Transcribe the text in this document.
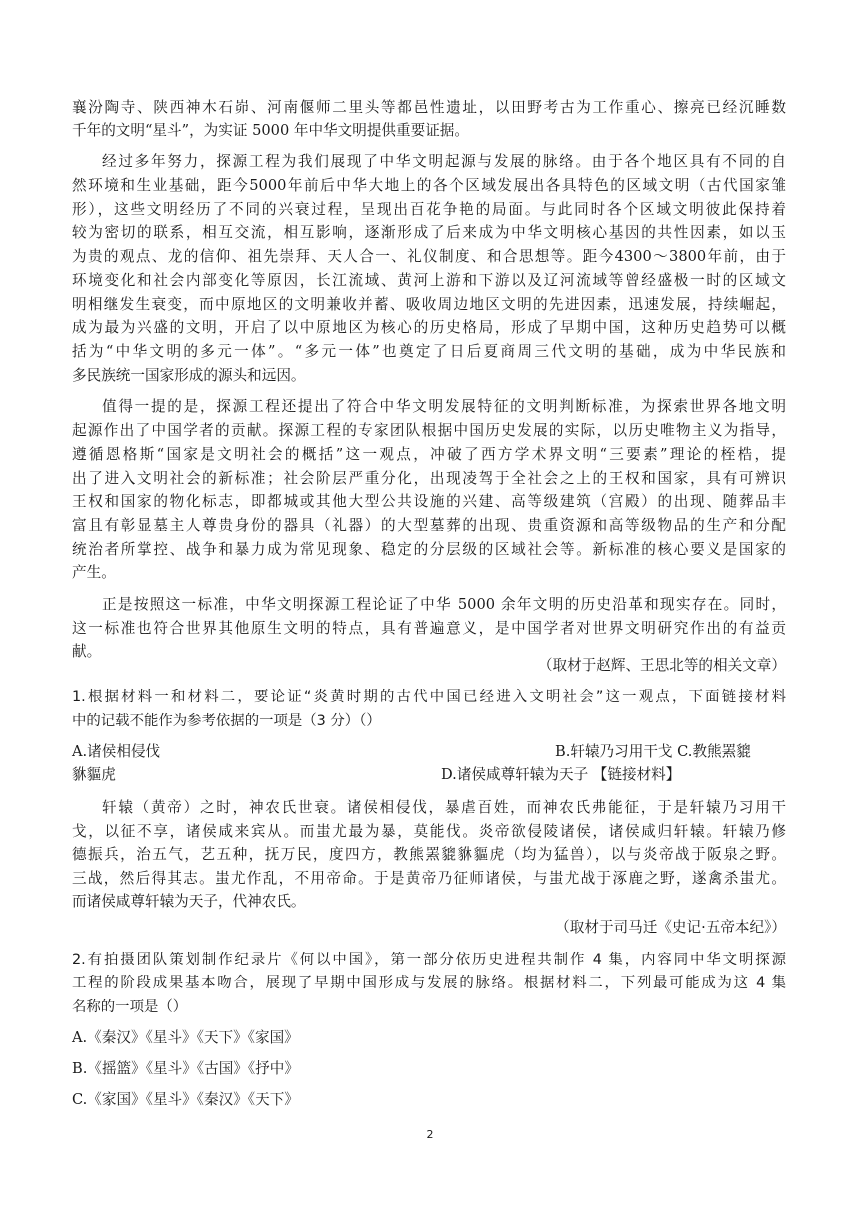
襄汾陶寺、陕西神木石峁、河南偃师二里头等都邑性遗址，以田野考古为工作重心、擦亮已经沉睡数
千年的文明“星斗”，为实证 5000 年中华文明提供重要证据。
经过多年努力，探源工程为我们展现了中华文明起源与发展的脉络。由于各个地区具有不同的自
然环境和生业基础，距今5000年前后中华大地上的各个区域发展出各具特色的区域文明（古代国家雏
形），这些文明经历了不同的兴衰过程，呈现出百花争艳的局面。与此同时各个区域文明彼此保持着
较为密切的联系，相互交流，相互影响，逐渐形成了后来成为中华文明核心基因的共性因素，如以玉
为贵的观点、龙的信仰、祖先崇拜、天人合一、礼仪制度、和合思想等。距今4300～3800年前，由于
环境变化和社会内部变化等原因，长江流域、黄河上游和下游以及辽河流域等曾经盛极一时的区域文
明相继发生衰变，而中原地区的文明兼收并蓄、吸收周边地区文明的先进因素，迅速发展，持续崛起，
成为最为兴盛的文明，开启了以中原地区为核心的历史格局，形成了早期中国，这种历史趋势可以概
括为“中华文明的多元一体”。“多元一体”也奠定了日后夏商周三代文明的基础，成为中华民族和
多民族统一国家形成的源头和远因。
值得一提的是，探源工程还提出了符合中华文明发展特征的文明判断标准，为探索世界各地文明
起源作出了中国学者的贡献。探源工程的专家团队根据中国历史发展的实际，以历史唯物主义为指导，
遵循恩格斯“国家是文明社会的概括”这一观点，冲破了西方学术界文明“三要素”理论的桎梏，提
出了进入文明社会的新标准；社会阶层严重分化，出现凌驾于全社会之上的王权和国家，具有可辨识
王权和国家的物化标志，即都城或其他大型公共设施的兴建、高等级建筑（宫殿）的出现、随葬品丰
富且有彰显墓主人尊贵身份的器具（礼器）的大型墓葬的出现、贵重资源和高等级物品的生产和分配
统治者所掌控、战争和暴力成为常见现象、稳定的分层级的区域社会等。新标准的核心要义是国家的
产生。
正是按照这一标准，中华文明探源工程论证了中华 5000 余年文明的历史沿革和现实存在。同时，
这一标准也符合世界其他原生文明的特点，具有普遍意义，是中国学者对世界文明研究作出的有益贡
献。
（取材于赵辉、王思北等的相关文章）
1.根据材料一和材料二，要论证“炎黄时期的古代中国已经进入文明社会”这一观点，下面链接材料
中的记载不能作为参考依据的一项是（3 分）（）
A.诸侯相侵伐	B.轩辕乃习用干戈 C.教熊罴貔
貅貙虎	D.诸侯咸尊轩辕为天子 【链接材料】
轩辕（黄帝）之时，神农氏世衰。诸侯相侵伐，暴虐百姓，而神农氏弗能征，于是轩辕乃习用干
戈，以征不享，诸侯咸来宾从。而蚩尤最为暴，莫能伐。炎帝欲侵陵诸侯，诸侯咸归轩辕。轩辕乃修
德振兵，治五气，艺五种，抚万民，度四方，教熊罴貔貅貙虎（均为猛兽），以与炎帝战于阪泉之野。
三战，然后得其志。蚩尤作乱，不用帝命。于是黄帝乃征师诸侯，与蚩尤战于涿鹿之野，遂禽杀蚩尤。
而诸侯咸尊轩辕为天子，代神农氏。
（取材于司马迁《史记·五帝本纪》）
2.有拍摄团队策划制作纪录片《何以中国》，第一部分依历史进程共制作 4 集，内容同中华文明探源
工程的阶段成果基本吻合，展现了早期中国形成与发展的脉络。根据材料二，下列最可能成为这 4 集
名称的一项是（）
A.《秦汉》《星斗》《天下》《家国》
B.《摇篮》《星斗》《古国》《抒中》
C.《家国》《星斗》《秦汉》《天下》
2
